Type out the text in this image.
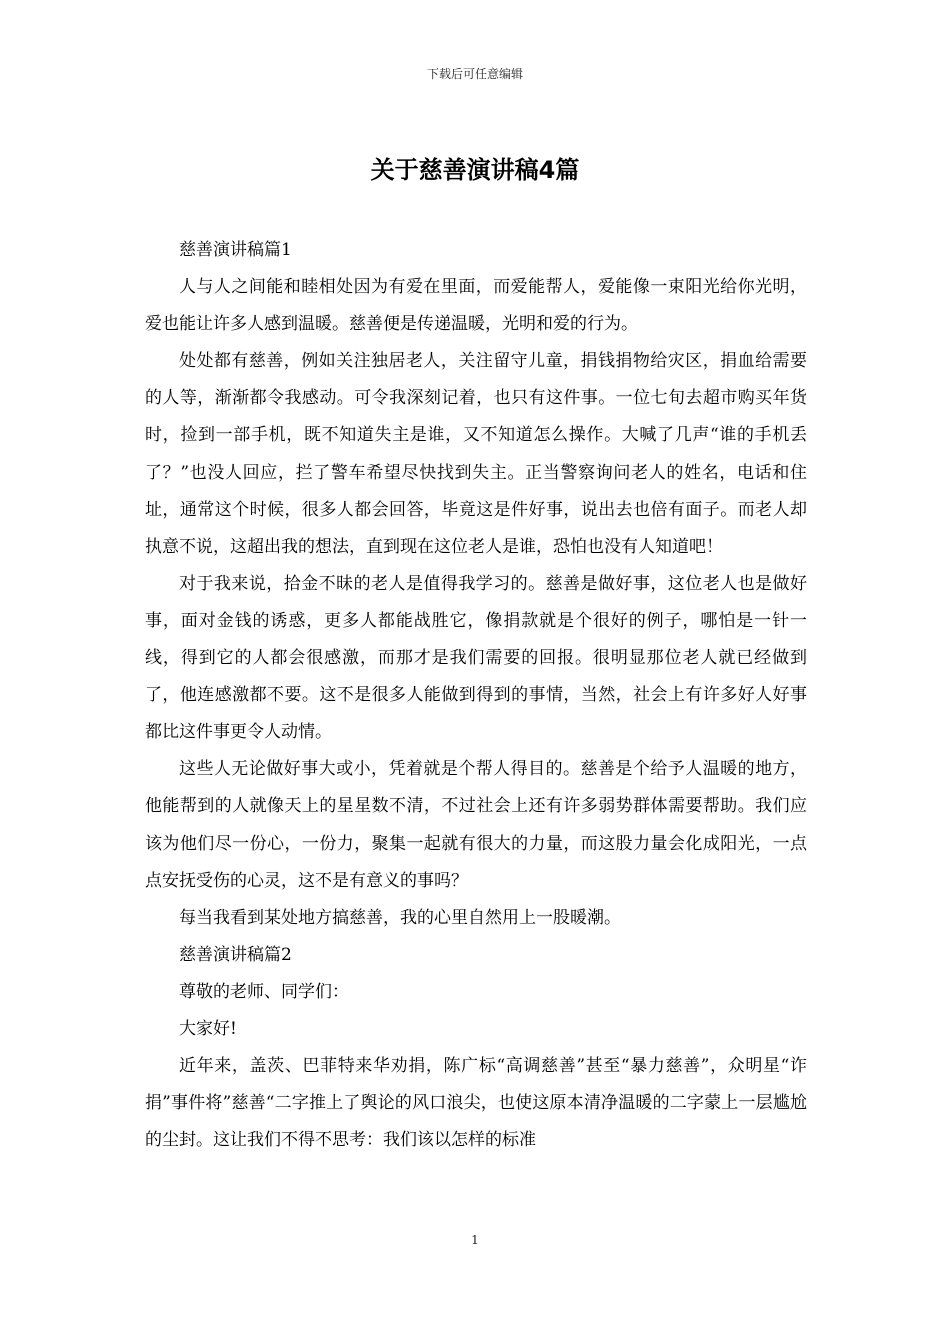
下载后可任意编辑
关于慈善演讲稿4篇

慈善演讲稿篇1

人与人之间能和睦相处因为有爱在里面，而爱能帮人，爱能像一束阳光给你光明，爱也能让许多人感到温暖。慈善便是传递温暖，光明和爱的行为。

处处都有慈善，例如关注独居老人，关注留守儿童，捐钱捐物给灾区，捐血给需要的人等，渐渐都令我感动。可令我深刻记着，也只有这件事。一位七旬去超市购买年货时，捡到一部手机，既不知道失主是谁，又不知道怎么操作。大喊了几声“谁的手机丢了？”也没人回应，拦了警车希望尽快找到失主。正当警察询问老人的姓名，电话和住址，通常这个时候，很多人都会回答，毕竟这是件好事，说出去也倍有面子。而老人却执意不说，这超出我的想法，直到现在这位老人是谁，恐怕也没有人知道吧！

对于我来说，拾金不昧的老人是值得我学习的。慈善是做好事，这位老人也是做好事，面对金钱的诱惑，更多人都能战胜它，像捐款就是个很好的例子，哪怕是一针一线，得到它的人都会很感激，而那才是我们需要的回报。很明显那位老人就已经做到了，他连感激都不要。这不是很多人能做到得到的事情，当然，社会上有许多好人好事都比这件事更令人动情。

这些人无论做好事大或小，凭着就是个帮人得目的。慈善是个给予人温暖的地方，他能帮到的人就像天上的星星数不清，不过社会上还有许多弱势群体需要帮助。我们应该为他们尽一份心，一份力，聚集一起就有很大的力量，而这股力量会化成阳光，一点点安抚受伤的心灵，这不是有意义的事吗？

每当我看到某处地方搞慈善，我的心里自然用上一股暖潮。

慈善演讲稿篇2

尊敬的老师、同学们：

大家好!

近年来，盖茨、巴菲特来华劝捐，陈广标“高调慈善”甚至“暴力慈善”，众明星“诈捐”事件将”慈善“二字推上了舆论的风口浪尖，也使这原本清净温暖的二字蒙上一层尴尬的尘封。这让我们不得不思考：我们该以怎样的标准

1
